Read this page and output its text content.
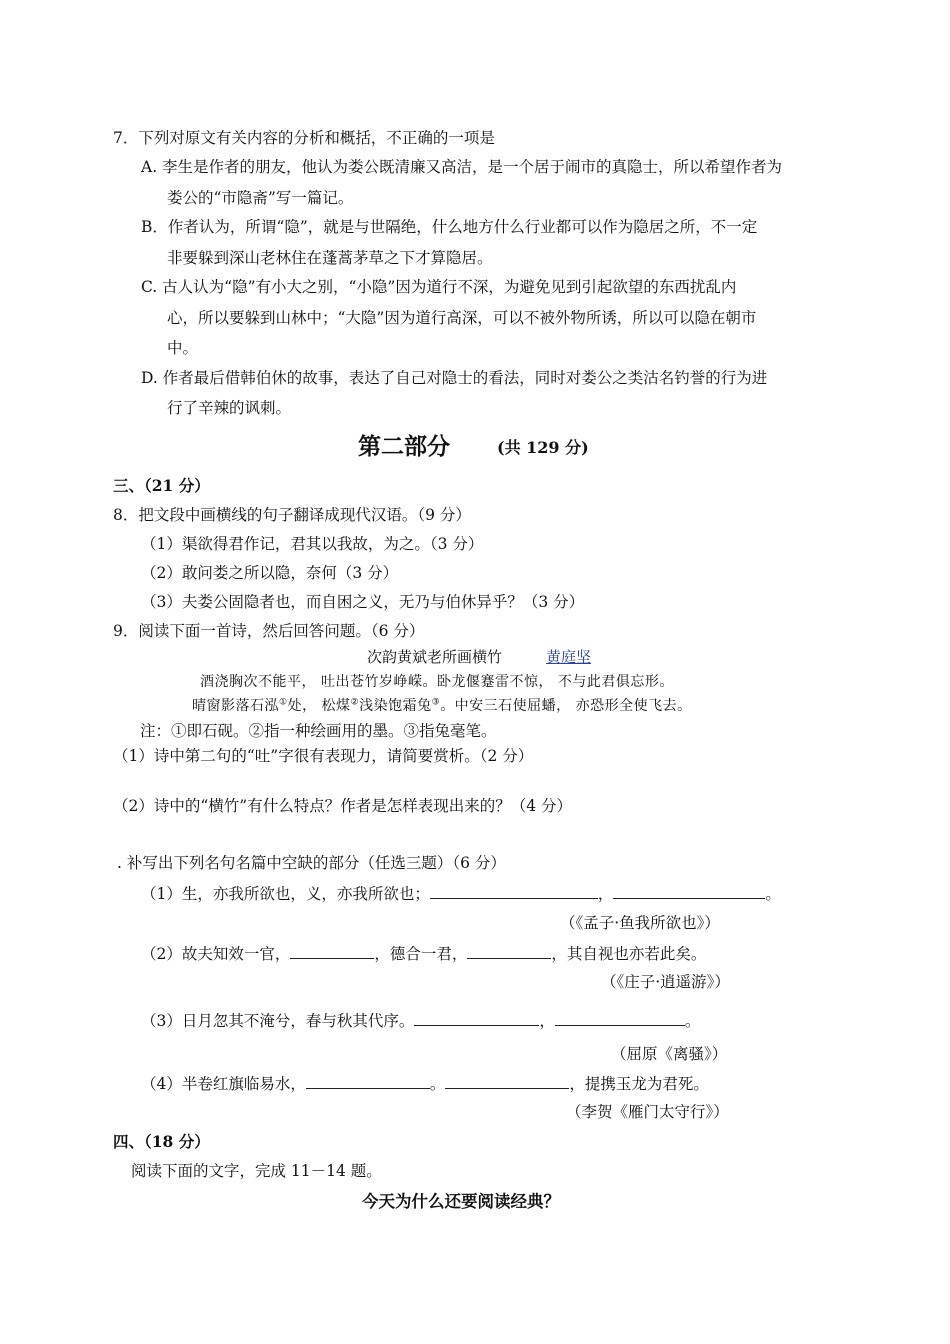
7．下列对原文有关内容的分析和概括，不正确的一项是
A. 李生是作者的朋友，他认为娄公既清廉又高洁，是一个居于闹市的真隐士，所以希望作者为
娄公的“市隐斋”写一篇记。
B．作者认为，所谓“隐”，就是与世隔绝，什么地方什么行业都可以作为隐居之所，不一定
非要躲到深山老林住在蓬蒿茅草之下才算隐居。
C. 古人认为“隐”有小大之别，“小隐”因为道行不深，为避免见到引起欲望的东西扰乱内
心，所以要躲到山林中；“大隐”因为道行高深，可以不被外物所诱，所以可以隐在朝市
中。
D. 作者最后借韩伯休的故事，表达了自己对隐士的看法，同时对娄公之类沽名钓誉的行为进
行了辛辣的讽刺。
第二部分	(共 129 分)
三、（21 分）
8．把文段中画横线的句子翻译成现代汉语。（9 分）
（1）渠欲得君作记，君其以我故，为之。（3 分）
（2）敢问娄之所以隐，奈何（3 分）
（3）夫娄公固隐者也，而自困之义，无乃与伯休异乎？（3 分）
9．阅读下面一首诗，然后回答问题。（6 分）
次韵黄斌老所画横竹	黄庭坚
酒浇胸次不能平， 吐出苍竹岁峥嵘。卧龙偃蹇雷不惊， 不与此君俱忘形。
晴窗影落石泓①处， 松煤②浅染饱霜兔③。中安三石使屈蟠， 亦恐形全使飞去。
注：①即石砚。②指一种绘画用的墨。③指兔毫笔。
（1）诗中第二句的“吐”字很有表现力，请简要赏析。（2 分）
（2）诗中的“横竹”有什么特点？作者是怎样表现出来的？（4 分）
. 补写出下列名句名篇中空缺的部分（任选三题）（6 分）
（1）生，亦我所欲也，义，亦我所欲也；	，	。
（《孟子·鱼我所欲也》）
（2）故夫知效一官，	，德合一君，	，其自视也亦若此矣。
（《庄子·逍遥游》）
（3）日月忽其不淹兮，春与秋其代序。	，	。
（屈原《离骚》）
（4）半卷红旗临易水，	。	，提携玉龙为君死。
（李贺《雁门太守行》）
四、（18 分）
阅读下面的文字，完成 11－14 题。
今天为什么还要阅读经典？
